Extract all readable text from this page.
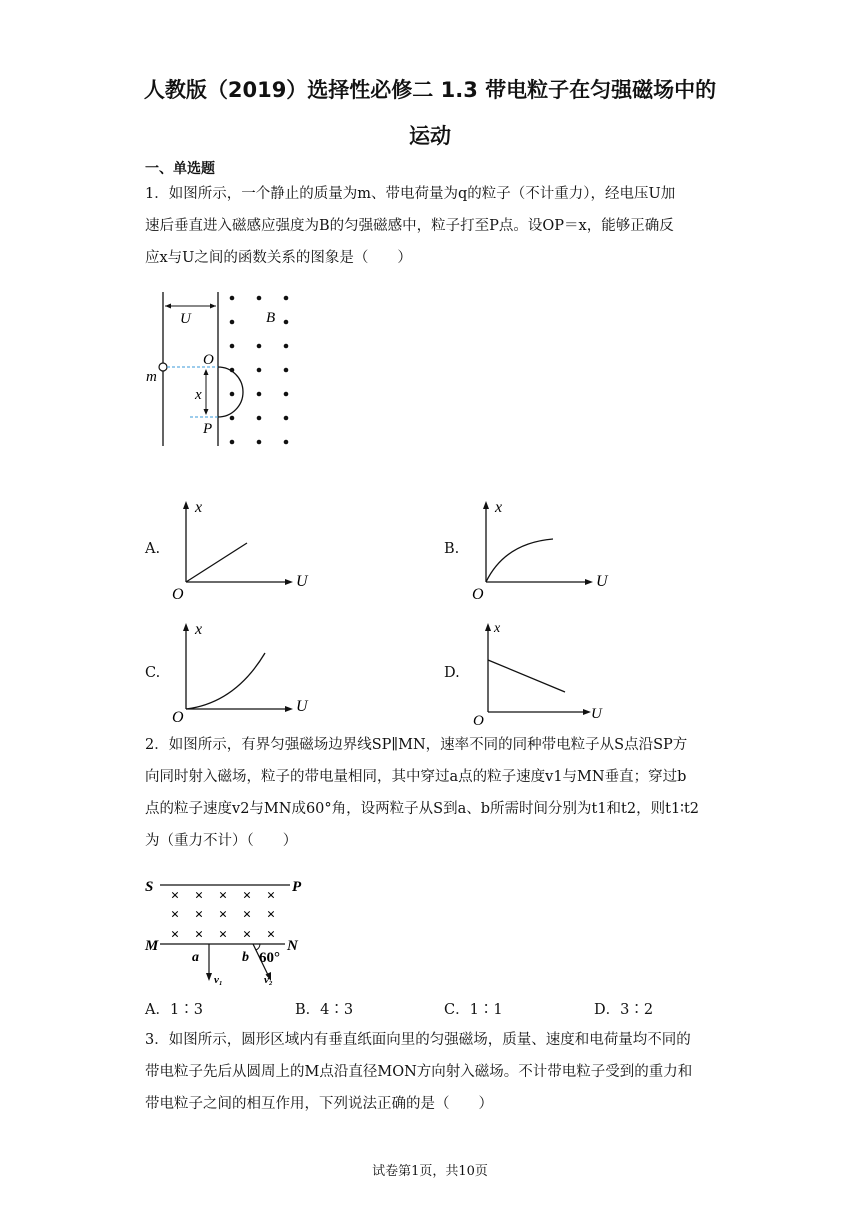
人教版（2019）选择性必修二 1.3 带电粒子在匀强磁场中的
运动
一、单选题
1．如图所示，一个静止的质量为m、带电荷量为q的粒子（不计重力），经电压U加
速后垂直进入磁感应强度为B的匀强磁感中，粒子打至P点。设OP＝x，能够正确反
应x与U之间的函数关系的图象是（　　）
U
m
x
O
P
B
A.	B.
C.	D.
x
U
O
x
U
O
x
U
O
x
U
O
2．如图所示，有界匀强磁场边界线SP∥MN，速率不同的同种带电粒子从S点沿SP方
向同时射入磁场，粒子的带电量相同，其中穿过a点的粒子速度v1与MN垂直；穿过b
点的粒子速度v2与MN成60°角，设两粒子从S到a、b所需时间分别为t1和t2，则t1∶t2
为（重力不计）（　　）
S	P
× × × × ×
× × × × ×
× × × × ×
M	N
a
v₁
b 60°
v₂
A．1∶3	B．4∶3	C．1∶1	D．3∶2
3．如图所示，圆形区域内有垂直纸面向里的匀强磁场，质量、速度和电荷量均不同的
带电粒子先后从圆周上的M点沿直径MON方向射入磁场。不计带电粒子受到的重力和
带电粒子之间的相互作用，下列说法正确的是（　　）
试卷第1页，共10页
